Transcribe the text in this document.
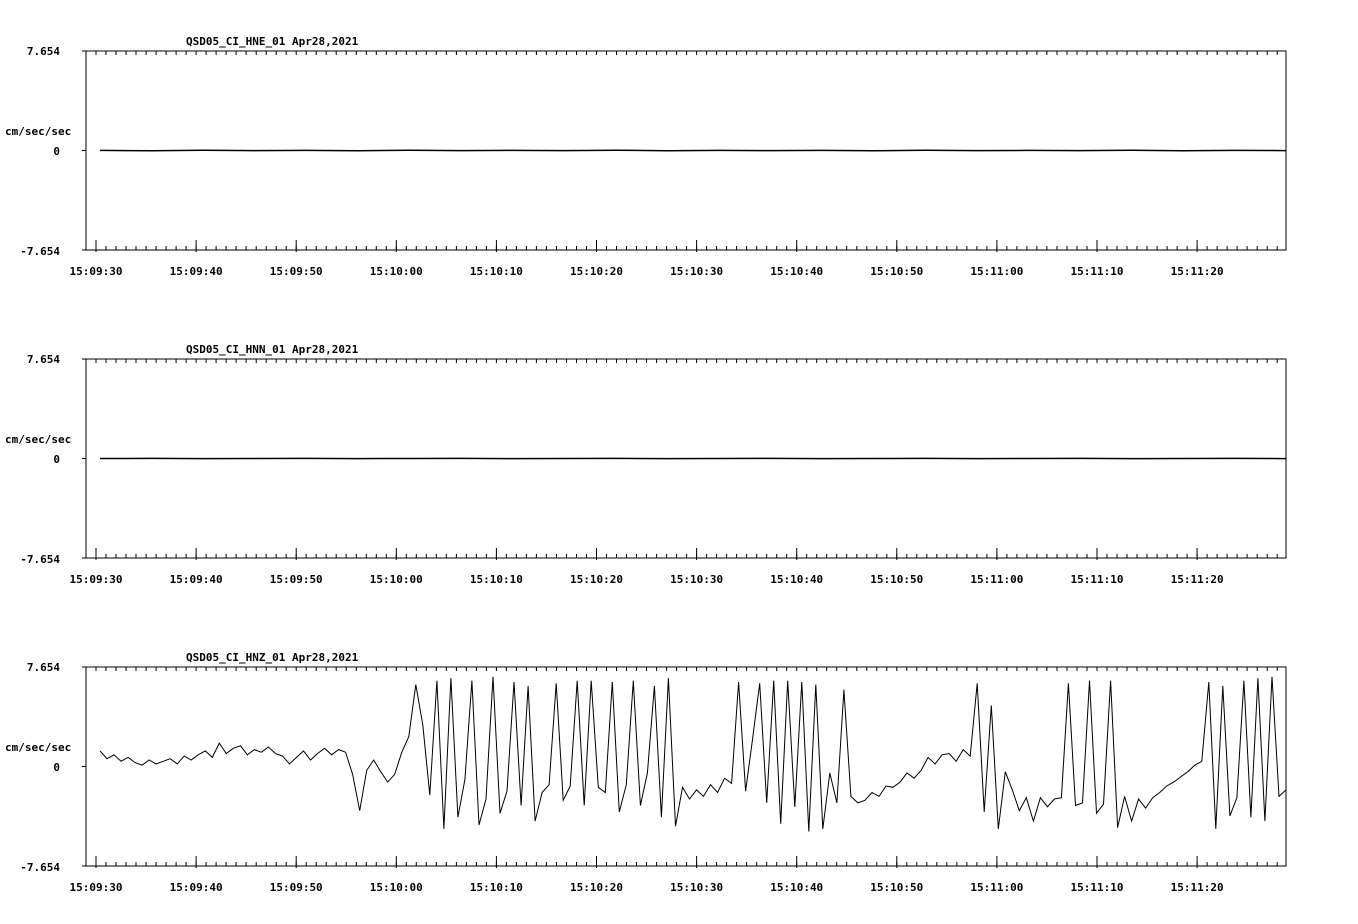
QSD05_CI_HNE_01 Apr28,2021
cm/sec/sec
7.654
0
-7.654
15:09:30	15:09:40	15:09:50	15:10:00	15:10:10	15:10:20	15:10:30	15:10:40	15:10:50	15:11:00	15:11:10	15:11:20
QSD05_CI_HNN_01 Apr28,2021
cm/sec/sec
7.654
0
-7.654
15:09:30	15:09:40	15:09:50	15:10:00	15:10:10	15:10:20	15:10:30	15:10:40	15:10:50	15:11:00	15:11:10	15:11:20
QSD05_CI_HNZ_01 Apr28,2021
cm/sec/sec
7.654
0
-7.654
15:09:30	15:09:40	15:09:50	15:10:00	15:10:10	15:10:20	15:10:30	15:10:40	15:10:50	15:11:00	15:11:10	15:11:20
